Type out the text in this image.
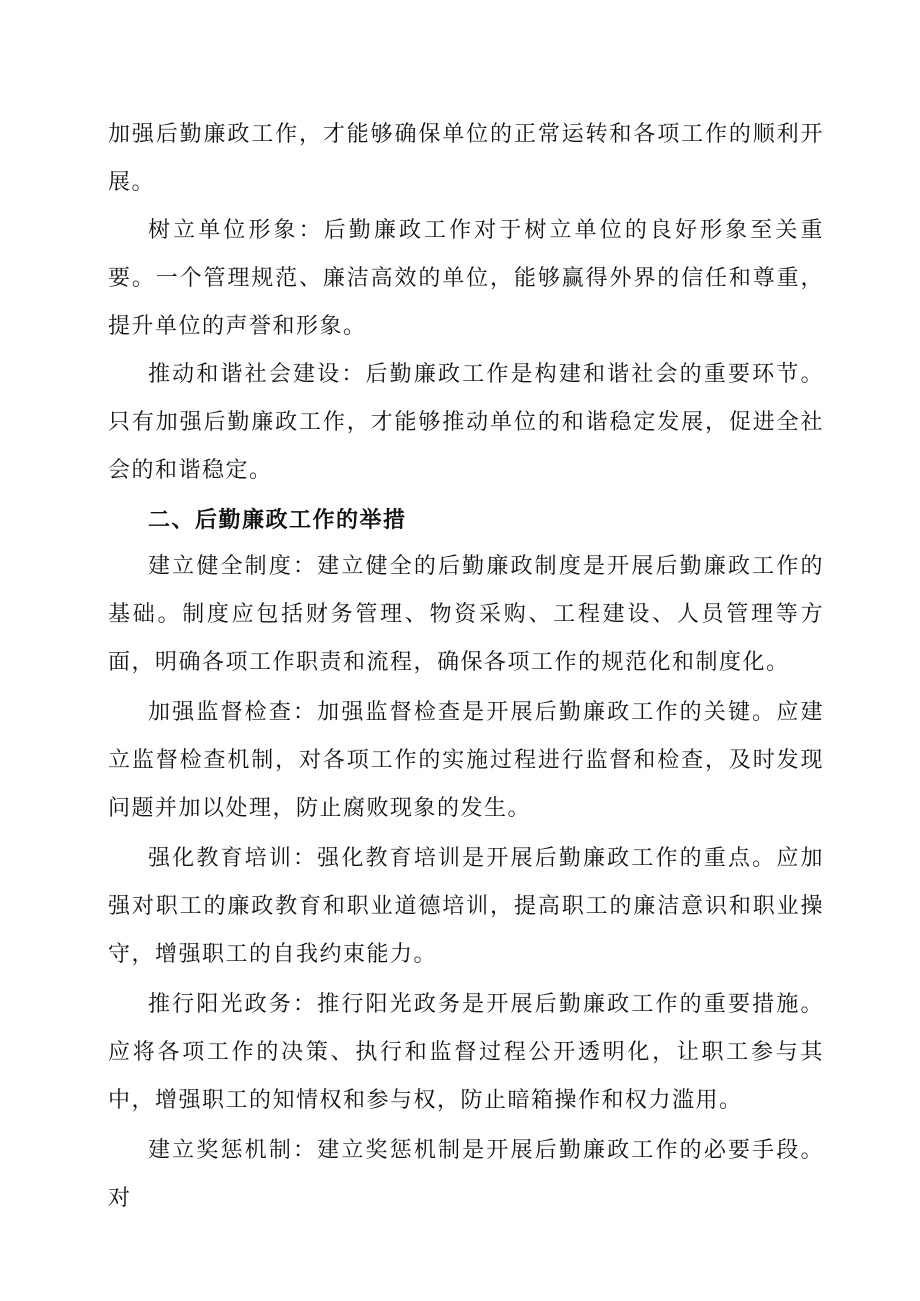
加强后勤廉政工作，才能够确保单位的正常运转和各项工作的顺利开展。

树立单位形象：后勤廉政工作对于树立单位的良好形象至关重要。一个管理规范、廉洁高效的单位，能够赢得外界的信任和尊重，提升单位的声誉和形象。

推动和谐社会建设：后勤廉政工作是构建和谐社会的重要环节。只有加强后勤廉政工作，才能够推动单位的和谐稳定发展，促进全社会的和谐稳定。

二、后勤廉政工作的举措

建立健全制度：建立健全的后勤廉政制度是开展后勤廉政工作的基础。制度应包括财务管理、物资采购、工程建设、人员管理等方面，明确各项工作职责和流程，确保各项工作的规范化和制度化。

加强监督检查：加强监督检查是开展后勤廉政工作的关键。应建立监督检查机制，对各项工作的实施过程进行监督和检查，及时发现问题并加以处理，防止腐败现象的发生。

强化教育培训：强化教育培训是开展后勤廉政工作的重点。应加强对职工的廉政教育和职业道德培训，提高职工的廉洁意识和职业操守，增强职工的自我约束能力。

推行阳光政务：推行阳光政务是开展后勤廉政工作的重要措施。应将各项工作的决策、执行和监督过程公开透明化，让职工参与其中，增强职工的知情权和参与权，防止暗箱操作和权力滥用。

建立奖惩机制：建立奖惩机制是开展后勤廉政工作的必要手段。对
